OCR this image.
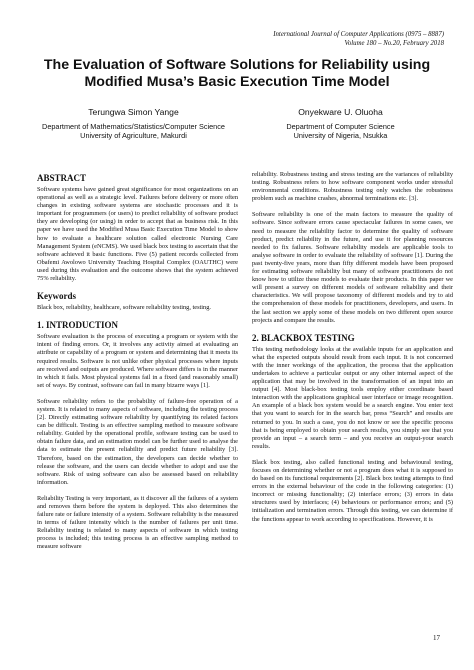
International Journal of Computer Applications (0975 – 8887)
Volume 180 – No.20, February 2018
The Evaluation of Software Solutions for Reliability using Modified Musa’s Basic Execution Time Model
Terungwa Simon Yange
Department of Mathematics/Statistics/Computer Science
University of Agriculture, Makurdi
Onyekware U. Oluoha
Department of Computer Science
University of Nigeria, Nsukka
ABSTRACT

Software systems have gained great significance for most organizations on an operational as well as a strategic level. Failures before delivery or more often changes in existing software systems are stochastic processes and it is important for programmers (or users) to predict reliability of software product they are developing (or using) in order to accept that as business risk. In this paper we have used the Modified Musa Basic Execution Time Model to show how to evaluate a healthcare solution called electronic Nursing Care Management System (eNCMS). We used black box testing to ascertain that the software achieved it basic functions. Five (5) patient records collected from Obafemi Awolowo University Teaching Hospital Complex (OAUTHC) were used during this evaluation and the outcome shows that the system achieved 75% reliability.

Keywords

Black box, reliability, healthcare, software reliability testing, testing.

1. INTRODUCTION

Software evaluation is the process of executing a program or system with the intent of finding errors. Or, it involves any activity aimed at evaluating an attribute or capability of a program or system and determining that it meets its required results. Software is not unlike other physical processes where inputs are received and outputs are produced. Where software differs is in the manner in which it fails. Most physical systems fail in a fixed (and reasonably small) set of ways. By contrast, software can fail in many bizarre ways [1].

Software reliability refers to the probability of failure-free operation of a system. It is related to many aspects of software, including the testing process [2]. Directly estimating software reliability by quantifying its related factors can be difficult. Testing is an effective sampling method to measure software reliability. Guided by the operational profile, software testing can be used to obtain failure data, and an estimation model can be further used to analyse the data to estimate the present reliability and predict future reliability [3]. Therefore, based on the estimation, the developers can decide whether to release the software, and the users can decide whether to adopt and use the software. Risk of using software can also be assessed based on reliability information.

Reliability Testing is very important, as it discover all the failures of a system and removes them before the system is deployed. This also determines the failure rate or failure intensity of a system. Software reliability is the measured in terms of failure intensity which is the number of failures per unit time. Reliability testing is related to many aspects of software in which testing process is included; this testing process is an effective sampling method to measure software

reliability. Robustness testing and stress testing are the variances of reliability testing. Robustness refers to how software component works under stressful environmental conditions. Robustness testing only watches the robustness problem such as machine crashes, abnormal terminations etc. [3].

Software reliability is one of the main factors to measure the quality of software. Since software errors cause spectacular failures in some cases, we need to measure the reliability factor to determine the quality of software product, predict reliability in the future, and use it for planning resources needed to fix failures. Software reliability models are applicable tools to analyse software in order to evaluate the reliability of software [1]. During the past twenty-five years, more than fifty different models have been proposed for estimating software reliability but many of software practitioners do not know how to utilize these models to evaluate their products. In this paper we will present a survey on different models of software reliability and their characteristics. We will propose taxonomy of different models and try to aid the comprehension of these models for practitioners, developers, and users. In the last section we apply some of these models on two different open source projects and compare the results.

2. BLACKBOX TESTING

This testing methodology looks at the available inputs for an application and what the expected outputs should result from each input. It is not concerned with the inner workings of the application, the process that the application undertakes to achieve a particular output or any other internal aspect of the application that may be involved in the transformation of an input into an output [4]. Most black-box testing tools employ either coordinate based interaction with the applications graphical user interface or image recognition. An example of a black box system would be a search engine. You enter text that you want to search for in the search bar, press “Search” and results are returned to you. In such a case, you do not know or see the specific process that is being employed to obtain your search results, you simply see that you provide an input – a search term – and you receive an output-your search results.

Black box testing, also called functional testing and behavioural testing, focuses on determining whether or not a program does what it is supposed to do based on its functional requirements [2]. Black box testing attempts to find errors in the external behaviour of the code in the following categories: (1) incorrect or missing functionality; (2) interface errors; (3) errors in data structures used by interfaces; (4) behaviours or performance errors; and (5) initialization and termination errors. Through this testing, we can determine if the functions appear to work according to specifications. However, it is

17
